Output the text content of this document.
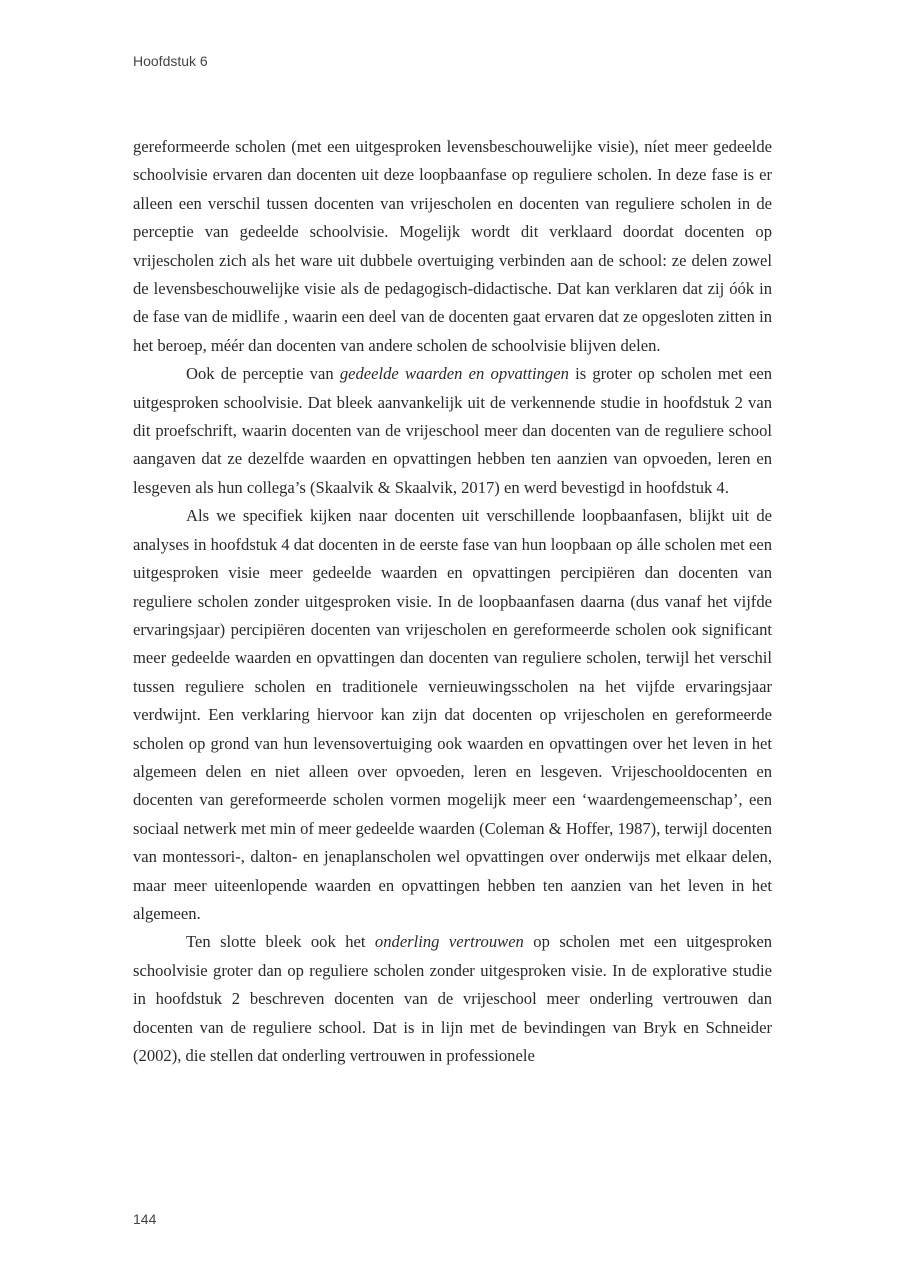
Hoofdstuk 6

gereformeerde scholen (met een uitgesproken levensbeschouwelijke visie), níet meer gedeelde schoolvisie ervaren dan docenten uit deze loopbaanfase op reguliere scholen. In deze fase is er alleen een verschil tussen docenten van vrijescholen en docenten van reguliere scholen in de perceptie van gedeelde schoolvisie. Mogelijk wordt dit verklaard doordat docenten op vrijescholen zich als het ware uit dubbele overtuiging verbinden aan de school: ze delen zowel de levensbeschouwelijke visie als de pedagogisch-didactische. Dat kan verklaren dat zij óók in de fase van de midlife , waarin een deel van de docenten gaat ervaren dat ze opgesloten zitten in het beroep, méér dan docenten van andere scholen de schoolvisie blijven delen.

Ook de perceptie van gedeelde waarden en opvattingen is groter op scholen met een uitgesproken schoolvisie. Dat bleek aanvankelijk uit de verkennende studie in hoofdstuk 2 van dit proefschrift, waarin docenten van de vrijeschool meer dan docenten van de reguliere school aangaven dat ze dezelfde waarden en opvattingen hebben ten aanzien van opvoeden, leren en lesgeven als hun collega’s (Skaalvik & Skaalvik, 2017) en werd bevestigd in hoofdstuk 4.

Als we specifiek kijken naar docenten uit verschillende loopbaanfasen, blijkt uit de analyses in hoofdstuk 4 dat docenten in de eerste fase van hun loopbaan op álle scholen met een uitgesproken visie meer gedeelde waarden en opvattingen percipiëren dan docenten van reguliere scholen zonder uitgesproken visie. In de loopbaanfasen daarna (dus vanaf het vijfde ervaringsjaar) percipiëren docenten van vrijescholen en gereformeerde scholen ook significant meer gedeelde waarden en opvattingen dan docenten van reguliere scholen, terwijl het verschil tussen reguliere scholen en traditionele vernieuwingsscholen na het vijfde ervaringsjaar verdwijnt. Een verklaring hiervoor kan zijn dat docenten op vrijescholen en gereformeerde scholen op grond van hun levensovertuiging ook waarden en opvattingen over het leven in het algemeen delen en niet alleen over opvoeden, leren en lesgeven. Vrijeschooldocenten en docenten van gereformeerde scholen vormen mogelijk meer een ‘waardengemeenschap’, een sociaal netwerk met min of meer gedeelde waarden (Coleman & Hoffer, 1987), terwijl docenten van montessori-, dalton- en jenaplanscholen wel opvattingen over onderwijs met elkaar delen, maar meer uiteenlopende waarden en opvattingen hebben ten aanzien van het leven in het algemeen.

Ten slotte bleek ook het onderling vertrouwen op scholen met een uitgesproken schoolvisie groter dan op reguliere scholen zonder uitgesproken visie. In de explorative studie in hoofdstuk 2 beschreven docenten van de vrijeschool meer onderling vertrouwen dan docenten van de reguliere school. Dat is in lijn met de bevindingen van Bryk en Schneider (2002), die stellen dat onderling vertrouwen in professionele

144
